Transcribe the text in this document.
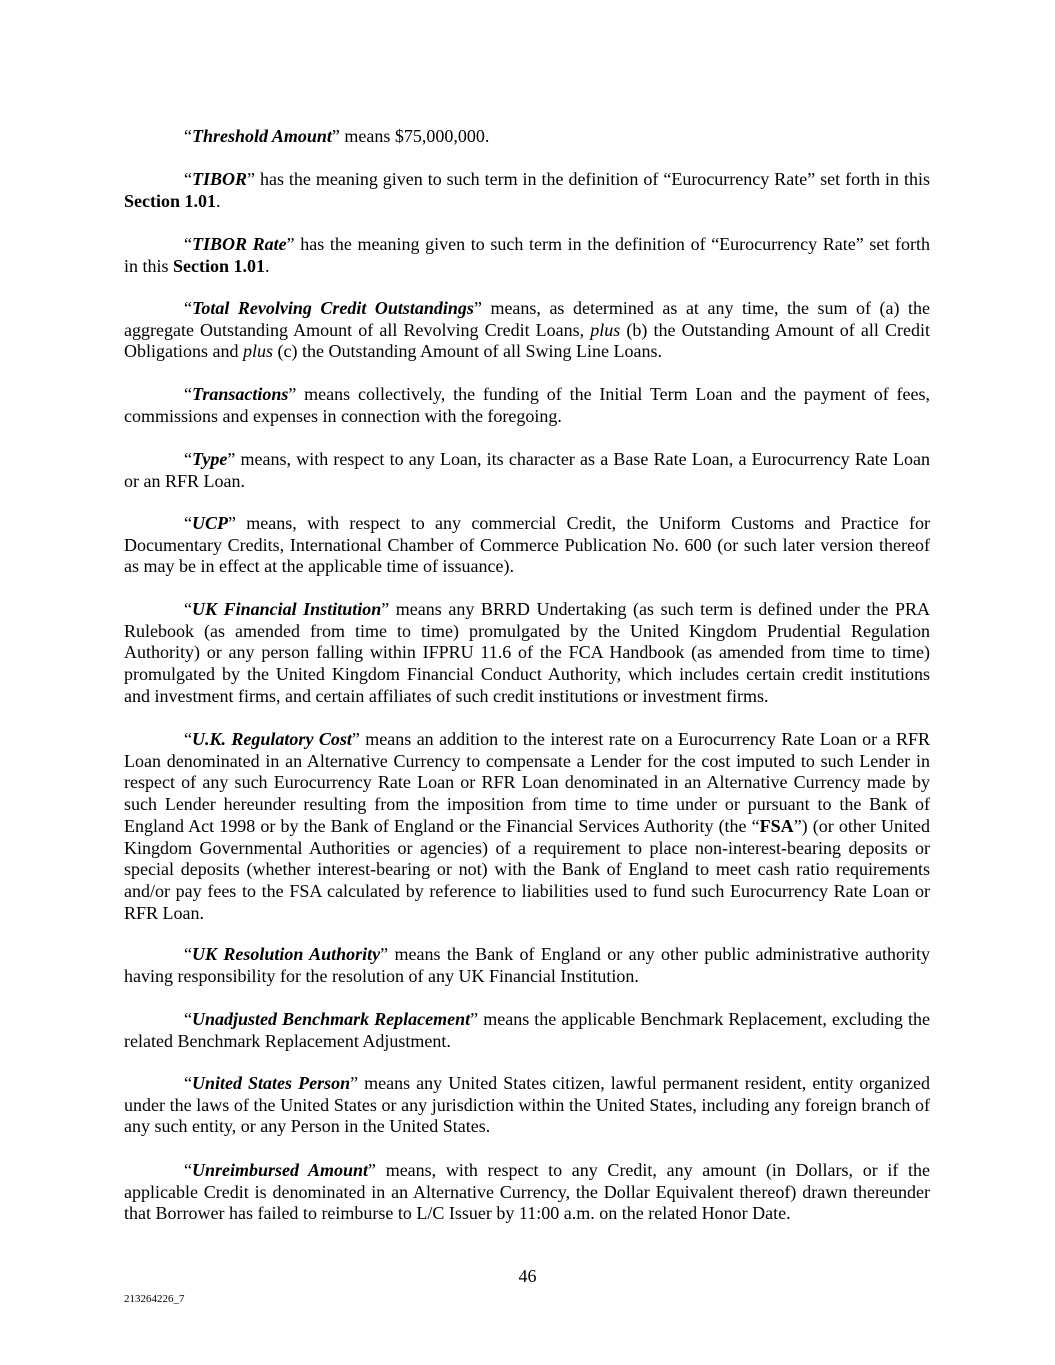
“Threshold Amount” means $75,000,000.

“TIBOR” has the meaning given to such term in the definition of “Eurocurrency Rate” set forth in this Section 1.01.

“TIBOR Rate” has the meaning given to such term in the definition of “Eurocurrency Rate” set forth in this Section 1.01.

“Total Revolving Credit Outstandings” means, as determined as at any time, the sum of (a) the aggregate Outstanding Amount of all Revolving Credit Loans, plus (b) the Outstanding Amount of all Credit Obligations and plus (c) the Outstanding Amount of all Swing Line Loans.

“Transactions” means collectively, the funding of the Initial Term Loan and the payment of fees, commissions and expenses in connection with the foregoing.

“Type” means, with respect to any Loan, its character as a Base Rate Loan, a Eurocurrency Rate Loan or an RFR Loan.

“UCP” means, with respect to any commercial Credit, the Uniform Customs and Practice for Documentary Credits, International Chamber of Commerce Publication No. 600 (or such later version thereof as may be in effect at the applicable time of issuance).

“UK Financial Institution” means any BRRD Undertaking (as such term is defined under the PRA Rulebook (as amended from time to time) promulgated by the United Kingdom Prudential Regulation Authority) or any person falling within IFPRU 11.6 of the FCA Handbook (as amended from time to time) promulgated by the United Kingdom Financial Conduct Authority, which includes certain credit institutions and investment firms, and certain affiliates of such credit institutions or investment firms.

“U.K. Regulatory Cost” means an addition to the interest rate on a Eurocurrency Rate Loan or a RFR Loan denominated in an Alternative Currency to compensate a Lender for the cost imputed to such Lender in respect of any such Eurocurrency Rate Loan or RFR Loan denominated in an Alternative Currency made by such Lender hereunder resulting from the imposition from time to time under or pursuant to the Bank of England Act 1998 or by the Bank of England or the Financial Services Authority (the “FSA”) (or other United Kingdom Governmental Authorities or agencies) of a requirement to place non-interest-bearing deposits or special deposits (whether interest-bearing or not) with the Bank of England to meet cash ratio requirements and/or pay fees to the FSA calculated by reference to liabilities used to fund such Eurocurrency Rate Loan or RFR Loan.

“UK Resolution Authority” means the Bank of England or any other public administrative authority having responsibility for the resolution of any UK Financial Institution.

“Unadjusted Benchmark Replacement” means the applicable Benchmark Replacement, excluding the related Benchmark Replacement Adjustment.

“United States Person” means any United States citizen, lawful permanent resident, entity organized under the laws of the United States or any jurisdiction within the United States, including any foreign branch of any such entity, or any Person in the United States.

“Unreimbursed Amount” means, with respect to any Credit, any amount (in Dollars, or if the applicable Credit is denominated in an Alternative Currency, the Dollar Equivalent thereof) drawn thereunder that Borrower has failed to reimburse to L/C Issuer by 11:00 a.m. on the related Honor Date.

46
213264226_7
